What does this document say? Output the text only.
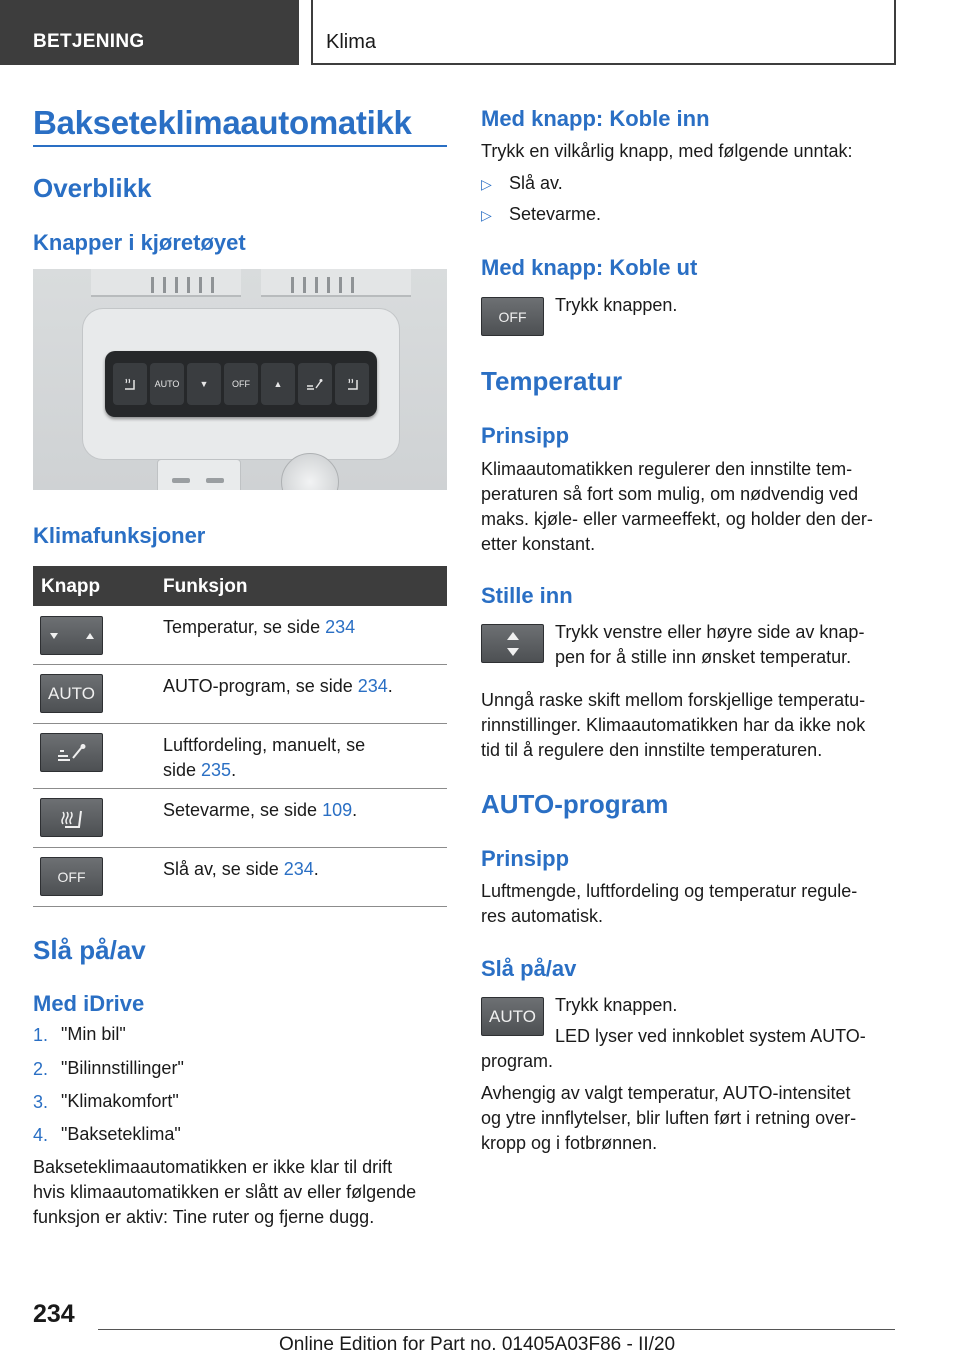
BETJENING	Klima
Bakseteklimaautomatikk
Overblikk
Knapper i kjøretøyet
AUTO	▼	OFF	▲
Klimafunksjoner
Knapp	Funksjon
Temperatur, se side 234
AUTO	AUTO-program, se side 234.
Luftfordeling, manuelt, se
side 235.
Setevarme, se side 109.
OFF	Slå av, se side 234.
Slå på/av
Med iDrive
1. "Min bil"
2. "Bilinnstillinger"
3. "Klimakomfort"
4. "Bakseteklima"
Bakseteklimaautomatikken er ikke klar til drift
hvis klimaautomatikken er slått av eller følgende
funksjon er aktiv: Tine ruter og fjerne dugg.
Med knapp: Koble inn
Trykk en vilkårlig knapp, med følgende unntak:
▷ Slå av.
▷ Setevarme.
Med knapp: Koble ut
OFF
Trykk knappen.
Temperatur
Prinsipp
Klimaautomatikken regulerer den innstilte tem-
peraturen så fort som mulig, om nødvendig ved
maks. kjøle- eller varmeeffekt, og holder den der-
etter konstant.
Stille inn
Trykk venstre eller høyre side av knap-
pen for å stille inn ønsket temperatur.
Unngå raske skift mellom forskjellige temperatu-
rinnstillinger. Klimaautomatikken har da ikke nok
tid til å regulere den innstilte temperaturen.
AUTO-program
Prinsipp
Luftmengde, luftfordeling og temperatur regule-
res automatisk.
Slå på/av
AUTO
Trykk knappen.
LED lyser ved innkoblet system AUTO-
program.
Avhengig av valgt temperatur, AUTO-intensitet
og ytre innflytelser, blir luften ført i retning over-
kropp og i fotbrønnen.
234
Online Edition for Part no. 01405A03F86 - II/20
